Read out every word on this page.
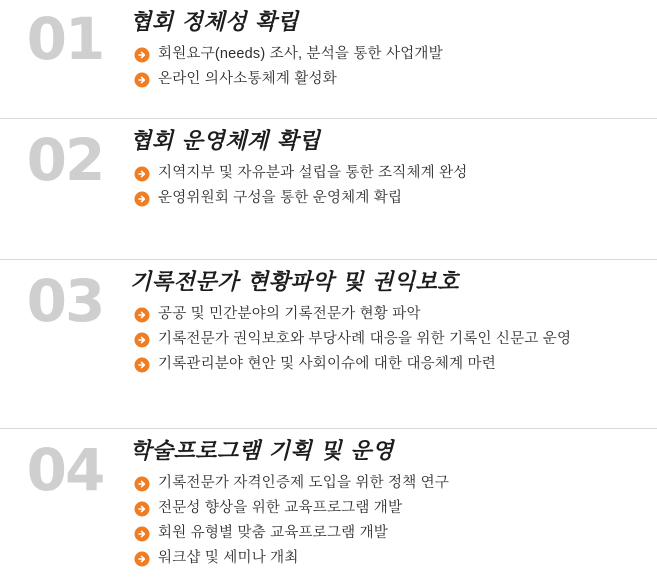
01 협회 정체성 확립
회원요구(needs) 조사, 분석을 통한 사업개발
온라인 의사소통체계 활성화
02 협회 운영체계 확립
지역지부 및 자유분과 설립을 통한 조직체계 완성
운영위원회 구성을 통한 운영체계 확립
03 기록전문가 현황파악 및 권익보호
공공 및 민간분야의 기록전문가 현황 파악
기록전문가 권익보호와 부당사례 대응을 위한 기록인 신문고 운영
기록관리분야 현안 및 사회이슈에 대한 대응체계 마련
04 학술프로그램 기획 및 운영
기록전문가 자격인증제 도입을 위한 정책 연구
전문성 향상을 위한 교육프로그램 개발
회원 유형별 맞춤 교육프로그램 개발
워크샵 및 세미나 개최
